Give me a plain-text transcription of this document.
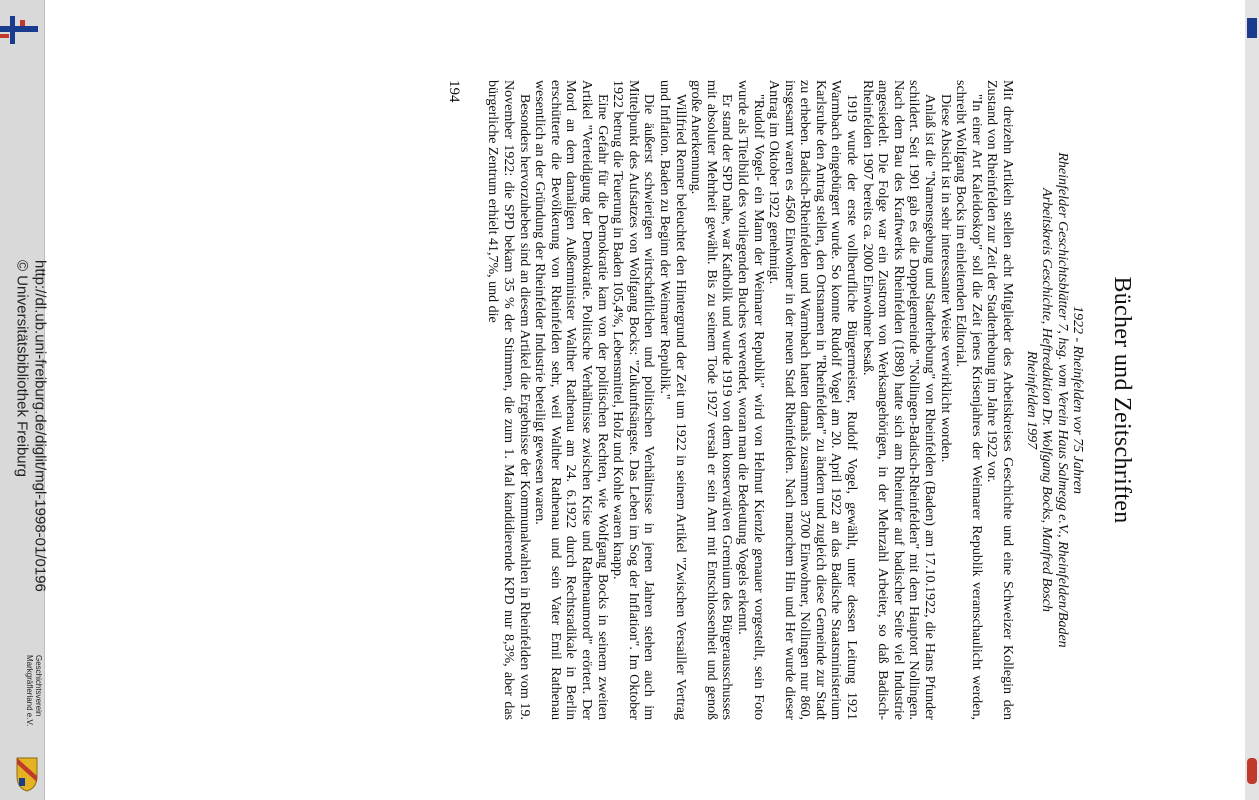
Geschichtsverein
Markgräflerland e.V.
http://dl.ub.uni-freiburg.de/diglit/mgl-1998-01/0196
© Universitätsbibliothek Freiburg	Bücher und Zeitschriften
1922 - Rheinfelden vor 75 Jahren
Rheinfelder Geschichtsblätter 7, hsg. vom Verein Haus Salmegg e.V., Rheinfelden/Baden
Arbeitskreis Geschichte, Heftredaktion Dr. Wolfgang Bocks, Manfred Bosch
Rheinfelden 1997

Mit dreizehn Artikeln stellen acht Mitglieder des Arbeitskreises Geschichte und eine Schweizer Kollegin den Zustand von Rheinfelden zur Zeit der Stadterhebung im Jahre 1922 vor.

"In einer Art Kaleidoskop" soll die Zeit jenes Krisenjahres der Weimarer Republik veranschaulicht werden, schreibt Wolfgang Bocks im einleitenden Editorial.

Diese Absicht ist in sehr interessanter Weise verwirklicht worden.

Anlaß ist die "Namensgebung und Stadterhebung" von Rheinfelden (Baden) am 17.10.1922, die Hans Pfunder schildert. Seit 1901 gab es die Doppelgemeinde "Nollingen-Badisch-Rheinfelden" mit dem Hauptort Nollingen. Nach dem Bau des Kraftwerks Rheinfelden (1898) hatte sich am Rheinufer auf badischer Seite viel Industrie angesiedelt. Die Folge war ein Zustrom von Werksangehörigen, in der Mehrzahl Arbeiter, so daß Badisch-Rheinfelden 1907 bereits ca. 2000 Einwohner besaß.

1919 wurde der erste vollberufliche Bürgermeister, Rudolf Vogel, gewählt, unter dessen Leitung 1921 Warmbach eingebürgert wurde. So konnte Rudolf Vogel am 20. April 1922 an das Badische Staatsministerium Karlsruhe den Antrag stellen, den Ortsnamen in "Rheinfelden" zu ändern und zugleich diese Gemeinde zur Stadt zu erheben. Badisch-Rheinfelden und Warmbach hatten damals zusammen 3700 Einwohner, Nollingen nur 860, insgesamt waren es 4560 Einwohner in der neuen Stadt Rheinfelden. Nach manchem Hin und Her wurde dieser Antrag im Oktober 1922 genehmigt.

"Rudolf Vogel- ein Mann der Weimarer Republik" wird von Helmut Kienzle genauer vorgestellt, sein Foto wurde als Titelbild des vorliegenden Buches verwendet, woran man die Bedeutung Vogels erkennt.

Er stand der SPD nahe, war Katholik und wurde 1919 von dem konservativen Gremium des Bürgerausschusses mit absoluter Mehrheit gewählt. Bis zu seinem Tode 1927 versah er sein Amt mit Entschlossenheit und genoß große Anerkennung.

Willfried Renner beleuchtet den Hintergrund der Zeit um 1922 in seinem Artikel "Zwischen Versailler Vertrag und Inflation. Baden zu Beginn der Weimarer Republik."

Die äußerst schwierigen wirtschaftlichen und politischen Verhältnisse in jenen Jahren stehen auch im Mittelpunkt des Aufsatzes von Wolfgang Bocks: "Zukunftsängste. Das Leben im Sog der Inflation". Im Oktober 1922 betrug die Teuerung in Baden 105,4%, Lebensmittel, Holz und Kohle waren knapp.

Eine Gefahr für die Demokratie kam von der politischen Rechten, wie Wolfgang Bocks in seinem zweiten Artikel "Verteidigung der Demokratie. Politische Verhältnisse zwischen Krise und Rathenaumord" erörtert. Der Mord an dem damaligen Außenminister Walther Rathenau am 24. 6.1922 durch Rechtsradikale in Berlin erschütterte die Bevölkerung von Rheinfelden sehr, weil Walther Rathenau und sein Vater Emil Rathenau wesentlich an der Gründung der Rheinfelder Industrie beteiligt gewesen waren.

Besonders hervorzuheben sind an diesem Artikel die Ergebnisse der Kommunalwahlen in Rheinfelden vom 19. November 1922: die SPD bekam 35 % der Stimmen, die zum 1. Mal kandidierende KPD nur 8,3%, aber das bürgerliche Zentrum erhielt 41,7%, und die

194
